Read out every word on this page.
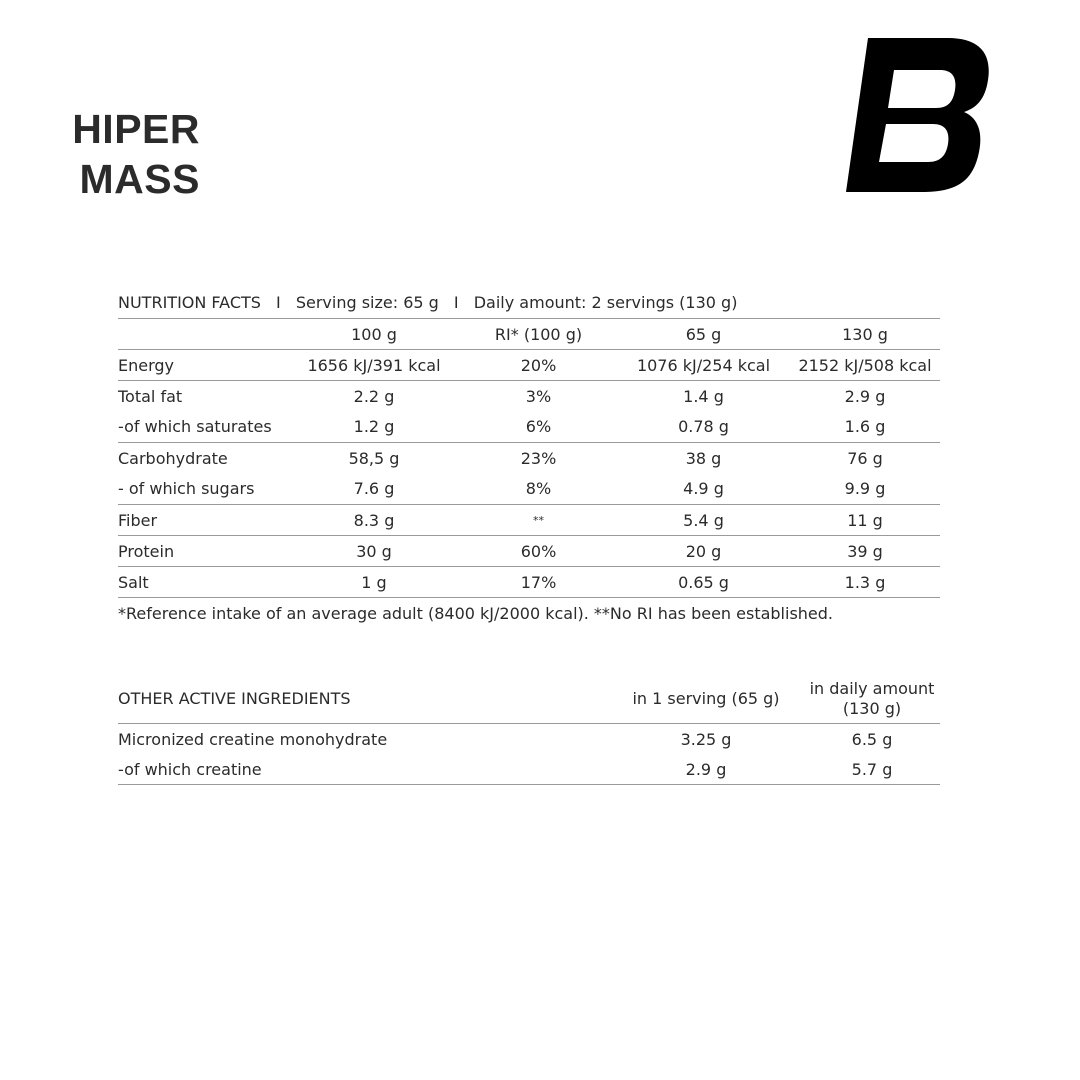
HIPER
MASS
NUTRITION FACTS I Serving size: 65 g I Daily amount: 2 servings (130 g)
	100 g	RI* (100 g)	65 g	130 g
Energy	1656 kJ/391 kcal	20%	1076 kJ/254 kcal	2152 kJ/508 kcal
Total fat	2.2 g	3%	1.4 g	2.9 g
-of which saturates	1.2 g	6%	0.78 g	1.6 g
Carbohydrate	58,5 g	23%	38 g	76 g
- of which sugars	7.6 g	8%	4.9 g	9.9 g
Fiber	8.3 g	**	5.4 g	11 g
Protein	30 g	60%	20 g	39 g
Salt	1 g	17%	0.65 g	1.3 g
*Reference intake of an average adult (8400 kJ/2000 kcal). **No RI has been established.
OTHER ACTIVE INGREDIENTS	in 1 serving (65 g)	in daily amount (130 g)
Micronized creatine monohydrate	3.25 g	6.5 g
-of which creatine	2.9 g	5.7 g
